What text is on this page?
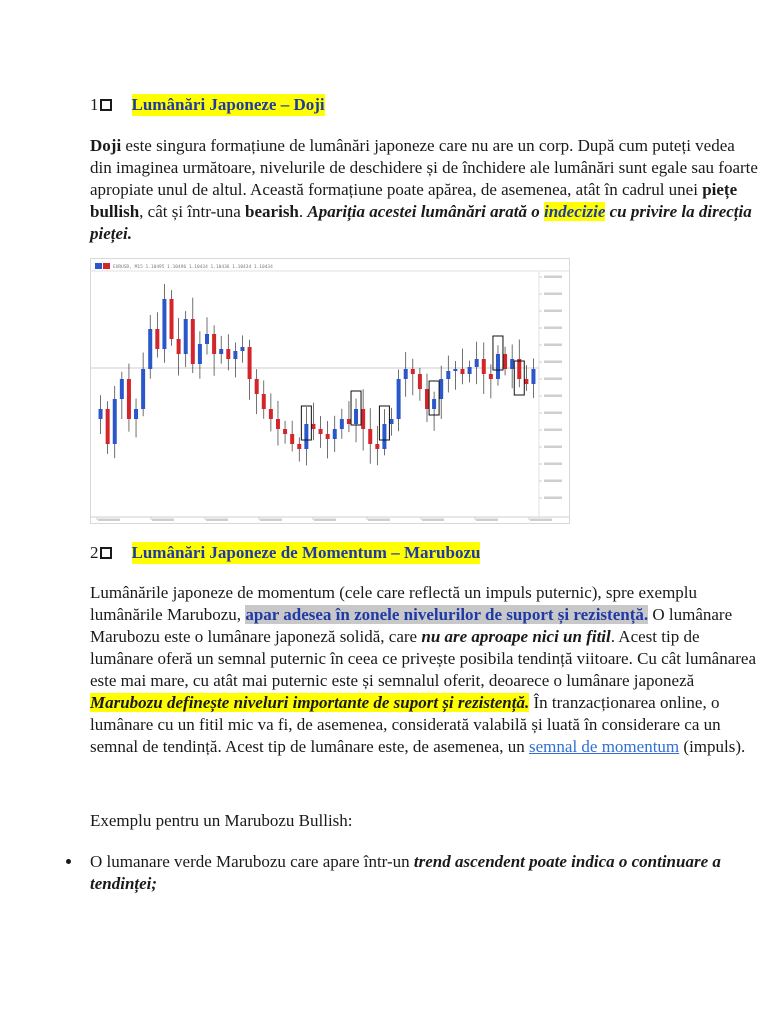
1 Lumânări Japoneze – Doji

Doji este singura formațiune de lumânări japoneze care nu are un corp. După cum puteți vedea din imaginea următoare, nivelurile de deschidere și de închidere ale lumânări sunt egale sau foarte apropiate unul de altul. Această formațiune poate apărea, de asemenea, atât în cadrul unei piețe bullish, cât și într-una bearish. Apariția acestei lumânări arată o indecizie cu privire la direcția pieței.

EURUSD, M15 1.10495 1.10496 1.10434 1.10436 1.10434 1.10434
2 Lumânări Japoneze de Momentum – Marubozu

Lumânările japoneze de momentum (cele care reflectă un impuls puternic), spre exemplu lumânările Marubozu, apar adesea în zonele nivelurilor de suport și rezistență. O lumânare Marubozu este o lumânare japoneză solidă, care nu are aproape nici un fitil. Acest tip de lumânare oferă un semnal puternic în ceea ce privește posibila tendință viitoare. Cu cât lumânarea este mai mare, cu atât mai puternic este și semnalul oferit, deoarece o lumânare japoneză Marubozu definește niveluri importante de suport și rezistență. În tranzacționarea online, o lumânare cu un fitil mic va fi, de asemenea, considerată valabilă și luată în considerare ca un semnal de tendință. Acest tip de lumânare este, de asemenea, un semnal de momentum (impuls).

Exemplu pentru un Marubozu Bullish:

O lumanare verde Marubozu care apare într-un trend ascendent poate indica o continuare a tendinței;
